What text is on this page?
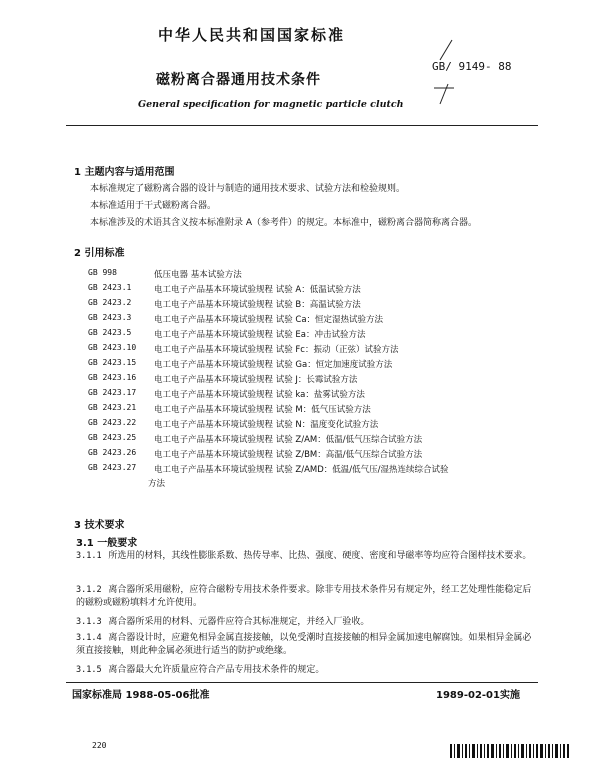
中华人民共和国国家标准
磁粉离合器通用技术条件
General specification for magnetic particle clutch
GB/ 9149- 88
1 主题内容与适用范围
本标准规定了磁粉离合器的设计与制造的通用技术要求、试验方法和检验规则。
本标准适用于干式磁粉离合器。
本标准涉及的术语其含义按本标准附录 A（参考件）的规定。本标准中，磁粉离合器简称离合器。
2 引用标准
GB 998	低压电器 基本试验方法
GB 2423.1	电工电子产品基本环境试验规程 试验 A：低温试验方法
GB 2423.2	电工电子产品基本环境试验规程 试验 B：高温试验方法
GB 2423.3	电工电子产品基本环境试验规程 试验 Ca：恒定湿热试验方法
GB 2423.5	电工电子产品基本环境试验规程 试验 Ea：冲击试验方法
GB 2423.10	电工电子产品基本环境试验规程 试验 Fc：振动（正弦）试验方法
GB 2423.15	电工电子产品基本环境试验规程 试验 Ga：恒定加速度试验方法
GB 2423.16	电工电子产品基本环境试验规程 试验 J：长霉试验方法
GB 2423.17	电工电子产品基本环境试验规程 试验 ka：盐雾试验方法
GB 2423.21	电工电子产品基本环境试验规程 试验 M：低气压试验方法
GB 2423.22	电工电子产品基本环境试验规程 试验 N：温度变化试验方法
GB 2423.25	电工电子产品基本环境试验规程 试验 Z/AM：低温/低气压综合试验方法
GB 2423.26	电工电子产品基本环境试验规程 试验 Z/BM：高温/低气压综合试验方法
GB 2423.27	电工电子产品基本环境试验规程 试验 Z/AMD：低温/低气压/湿热连续综合试验
方法
3 技术要求
3.1 一般要求
3.1.1 所选用的材料，其线性膨胀系数、热传导率、比热、强度、硬度、密度和导磁率等均应符合图样技术要求。
3.1.2 离合器所采用磁粉，应符合磁粉专用技术条件要求。除非专用技术条件另有规定外，经工艺处理性能稳定后的磁粉或磁粉填料才允许使用。
3.1.3 离合器所采用的材料、元器件应符合其标准规定，并经入厂验收。
3.1.4 离合器设计时，应避免相异金属直接接触，以免受潮时直接接触的相异金属加速电解腐蚀。如果相异金属必须直接接触，则此种金属必须进行适当的防护或绝缘。
3.1.5 离合器最大允许质量应符合产品专用技术条件的规定。
国家标准局 1988-05-06批准	1989-02-01实施
220
